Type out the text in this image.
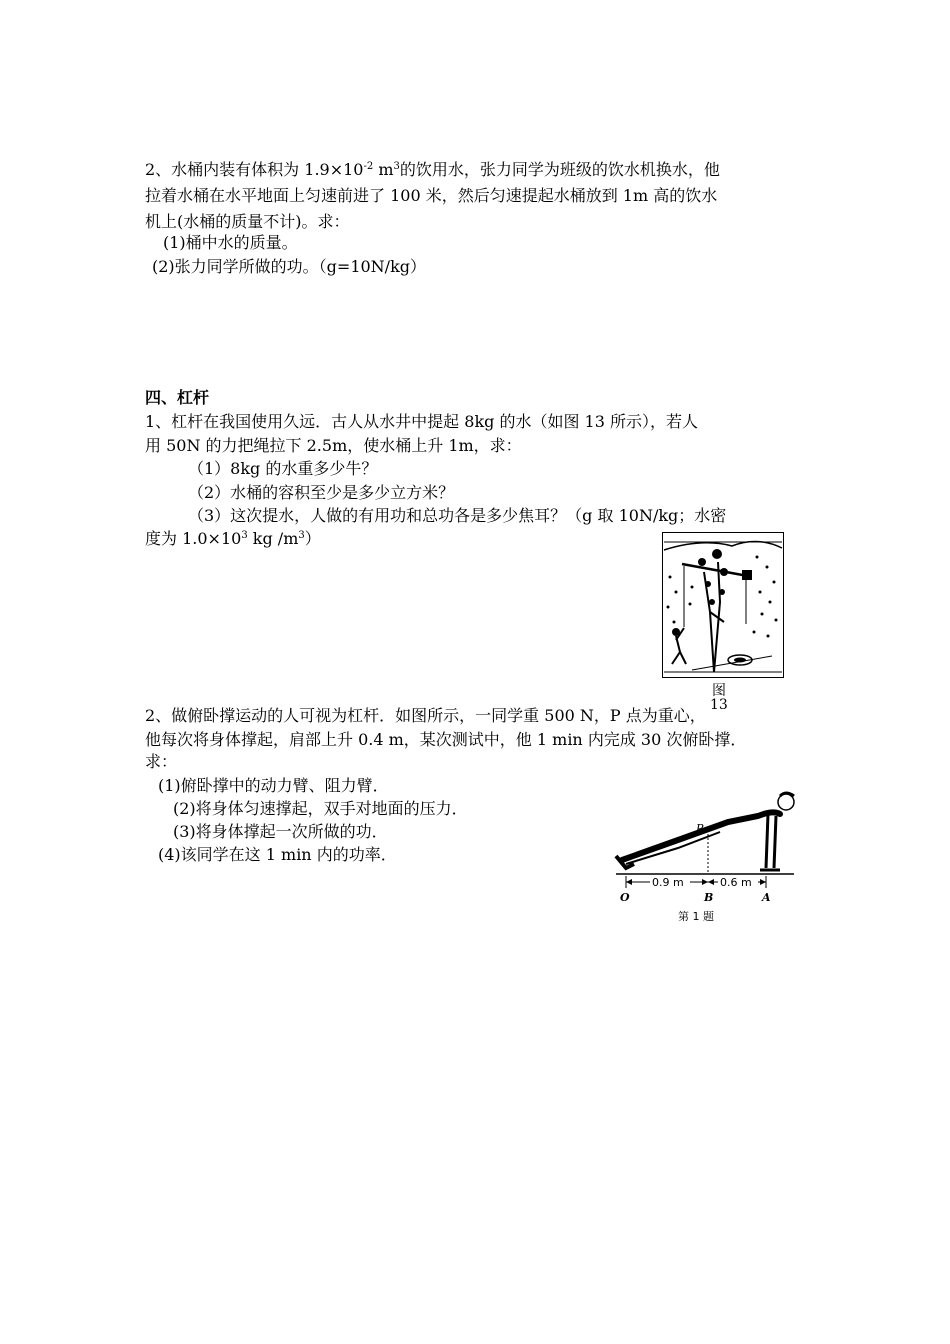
2、水桶内装有体积为 $1.9\times 10^{-2}$ $m^3$的饮用水，张力同学为班级的饮水机换水，他
拉着水桶在水平地面上匀速前进了 100 米，然后匀速提起水桶放到 1m 高的饮水
机上(水桶的质量不计)。求：
(1)桶中水的质量。
(2)张力同学所做的功。（g=10N/kg）
四、杠杆
1、杠杆在我国使用久远．古人从水井中提起 8kg 的水（如图 13 所示），若人
用 50N 的力把绳拉下 2.5m，使水桶上升 1m，求：
（1）8kg 的水重多少牛？
（2）水桶的容积至少是多少立方米？
（3）这次提水，人做的有用功和总功各是多少焦耳？（g 取 10N/kg；水密
度为 $1.0\times 10^3$ kg $/m^3$）
图
13
2、做俯卧撑运动的人可视为杠杆．如图所示，一同学重 500 N，P 点为重心，
他每次将身体撑起，肩部上升 0.4 m，某次测试中，他 1 min 内完成 30 次俯卧撑．
求：
(1)俯卧撑中的动力臂、阻力臂．
(2)将身体匀速撑起，双手对地面的压力．
(3)将身体撑起一次所做的功．
(4)该同学在这 1 min 内的功率．
P
0.9 m	0.6 m
O	B	A
第 1 题
